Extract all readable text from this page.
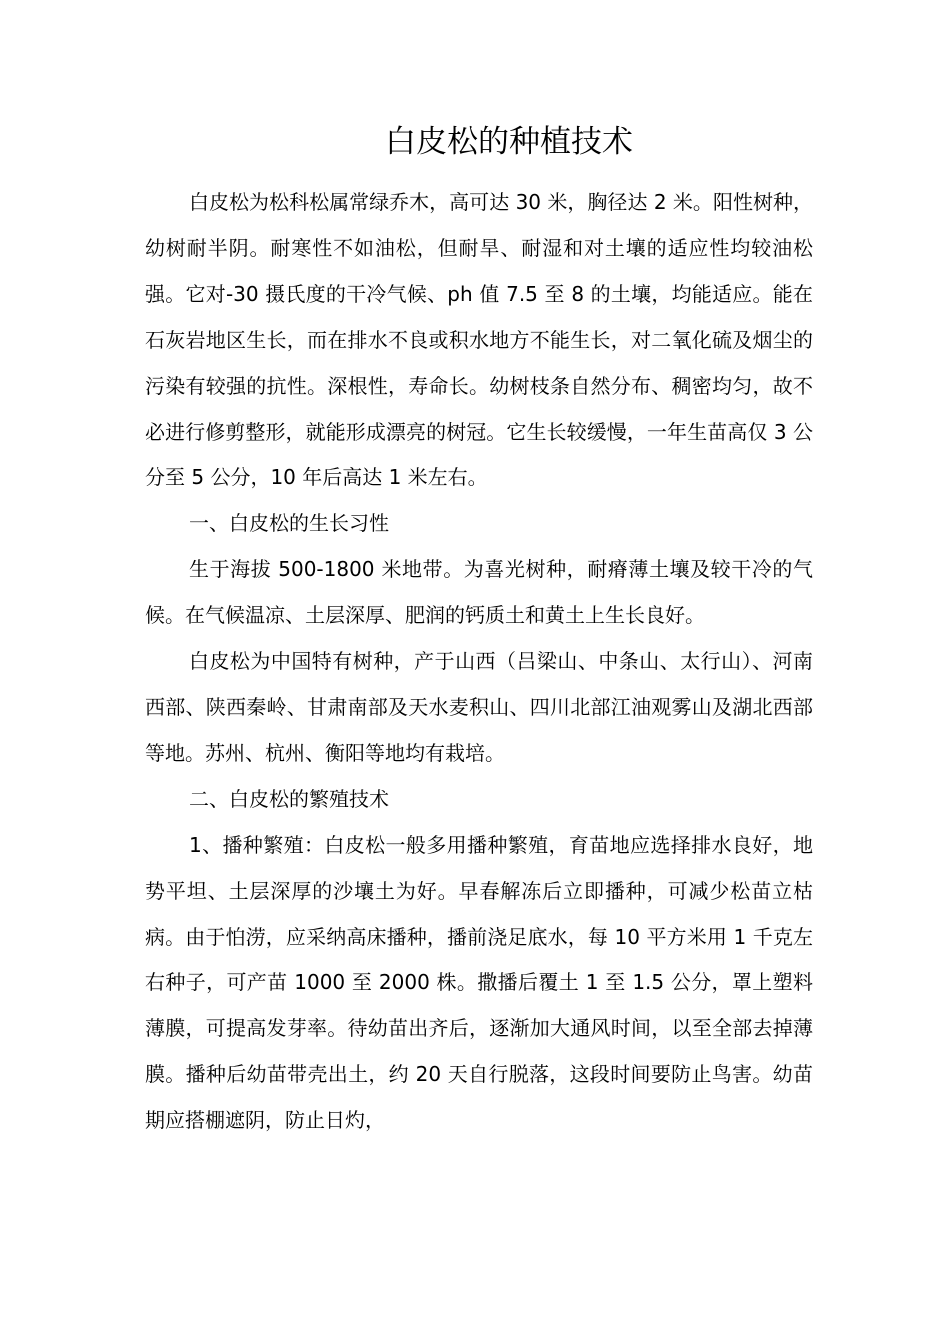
白皮松的种植技术

白皮松为松科松属常绿乔木，高可达 30 米，胸径达 2 米。阳性树种，幼树耐半阴。耐寒性不如油松，但耐旱、耐湿和对土壤的适应性均较油松强。它对-30 摄氏度的干冷气候、ph 值 7.5 至 8 的土壤，均能适应。能在石灰岩地区生长，而在排水不良或积水地方不能生长，对二氧化硫及烟尘的污染有较强的抗性。深根性，寿命长。幼树枝条自然分布、稠密均匀，故不必进行修剪整形，就能形成漂亮的树冠。它生长较缓慢，一年生苗高仅 3 公分至 5 公分，10 年后高达 1 米左右。

一、白皮松的生长习性

生于海拔 500-1800 米地带。为喜光树种，耐瘠薄土壤及较干冷的气候。在气候温凉、土层深厚、肥润的钙质土和黄土上生长良好。

白皮松为中国特有树种，产于山西（吕梁山、中条山、太行山）、河南西部、陕西秦岭、甘肃南部及天水麦积山、四川北部江油观雾山及湖北西部等地。苏州、杭州、衡阳等地均有栽培。

二、白皮松的繁殖技术

1、播种繁殖：白皮松一般多用播种繁殖，育苗地应选择排水良好，地势平坦、土层深厚的沙壤土为好。早春解冻后立即播种，可减少松苗立枯病。由于怕涝，应采纳高床播种，播前浇足底水，每 10 平方米用 1 千克左右种子，可产苗 1000 至 2000 株。撒播后覆土 1 至 1.5 公分，罩上塑料薄膜，可提高发芽率。待幼苗出齐后，逐渐加大通风时间，以至全部去掉薄膜。播种后幼苗带壳出土，约 20 天自行脱落，这段时间要防止鸟害。幼苗期应搭棚遮阴，防止日灼，
